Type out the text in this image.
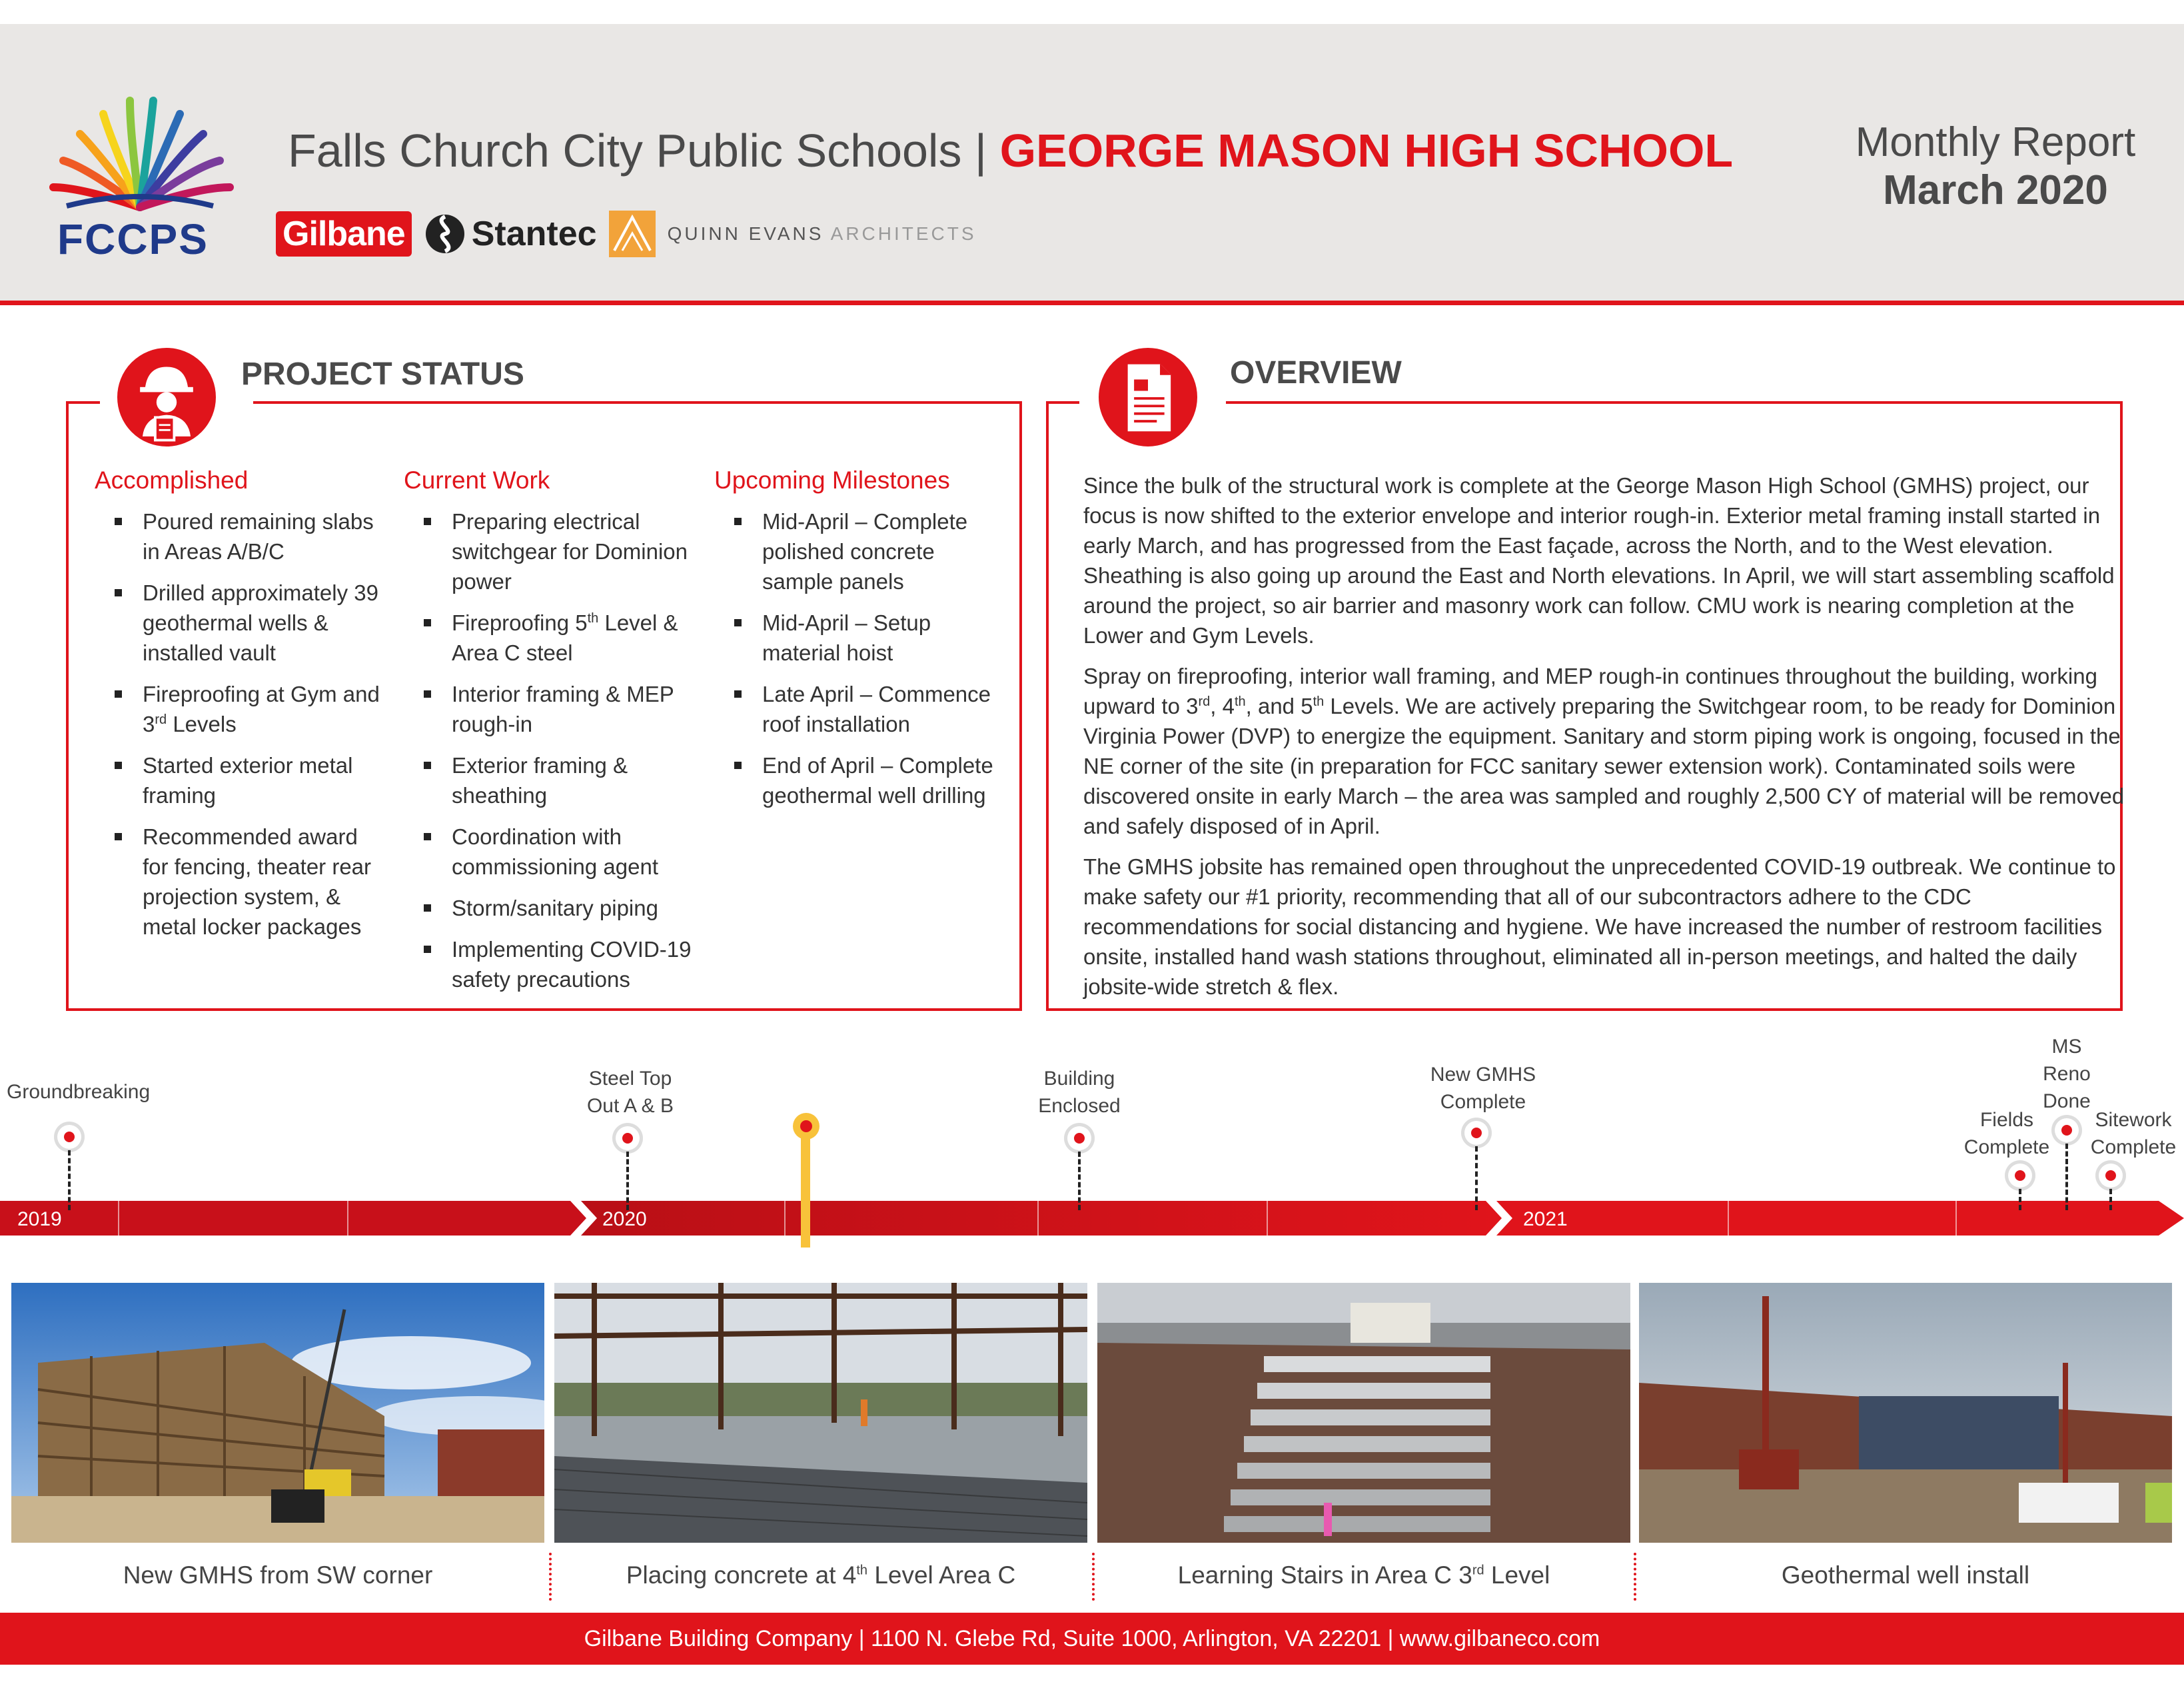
FCCPS
Falls Church City Public Schools | GEORGE MASON HIGH SCHOOL
Gilbane Stantec	QUINN EVANS ARCHITECTS
Monthly Report
March 2020
PROJECT STATUS
Accomplished
Poured remaining slabs in Areas A/B/C
Drilled approximately 39 geothermal wells & installed vault
Fireproofing at Gym and 3rd Levels
Started exterior metal framing
Recommended award for fencing, theater rear projection system, & metal locker packages
Current Work
Preparing electrical switchgear for Dominion power
Fireproofing 5th Level & Area C steel
Interior framing & MEP rough-in
Exterior framing & sheathing
Coordination with commissioning agent
Storm/sanitary piping
Implementing COVID-19 safety precautions
Upcoming Milestones
Mid-April – Complete polished concrete sample panels
Mid-April – Setup material hoist
Late April – Commence roof installation
End of April – Complete geothermal well drilling
OVERVIEW

Since the bulk of the structural work is complete at the George Mason High School (GMHS) project, our focus is now shifted to the exterior envelope and interior rough-in. Exterior metal framing install started in early March, and has progressed from the East façade, across the North, and to the West elevation. Sheathing is also going up around the East and North elevations. In April, we will start assembling scaffold around the project, so air barrier and masonry work can follow. CMU work is nearing completion at the Lower and Gym Levels.

Spray on fireproofing, interior wall framing, and MEP rough-in continues throughout the building, working upward to 3rd, 4th, and 5th Levels. We are actively preparing the Switchgear room, to be ready for Dominion Virginia Power (DVP) to energize the equipment. Sanitary and storm piping work is ongoing, focused in the NE corner of the site (in preparation for FCC sanitary sewer extension work). Contaminated soils were discovered onsite in early March – the area was sampled and roughly 2,500 CY of material will be removed and safely disposed of in April.

The GMHS jobsite has remained open throughout the unprecedented COVID-19 outbreak. We continue to make safety our #1 priority, recommending that all of our subcontractors adhere to the CDC recommendations for social distancing and hygiene. We have increased the number of restroom facilities onsite, installed hand wash stations throughout, eliminated all in-person meetings, and halted the daily jobsite-wide stretch & flex.

2019	2020	2021
Groundbreaking
Steel Top
Out A & B
Building
Enclosed
New GMHS
Complete
Fields
Complete
MS
Reno
Done
Sitework
Complete
New GMHS from SW corner	Placing concrete at 4th Level Area C	Learning Stairs in Area C 3rd Level	Geothermal well install
Gilbane Building Company | 1100 N. Glebe Rd, Suite 1000, Arlington, VA 22201 | www.gilbaneco.com
